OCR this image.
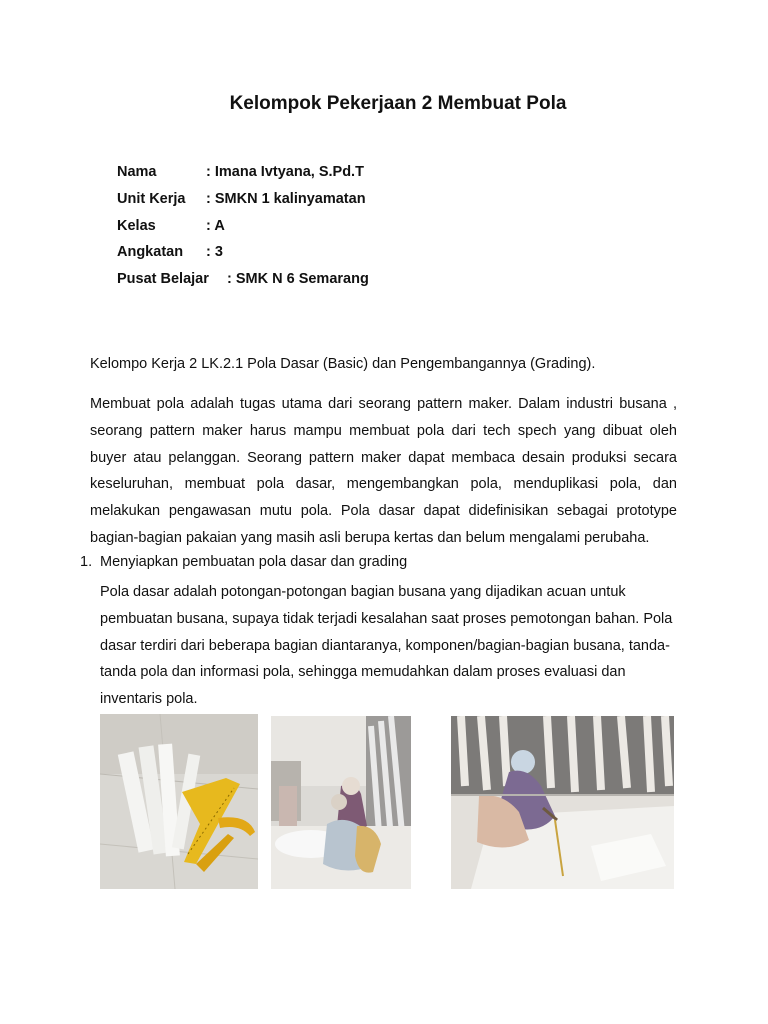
Kelompok Pekerjaan 2 Membuat Pola
Nama	: Imana Ivtyana, S.Pd.T
Unit Kerja	: SMKN 1 kalinyamatan
Kelas	: A
Angkatan	: 3
Pusat Belajar	: SMK N 6 Semarang

Kelompo Kerja 2 LK.2.1 Pola Dasar (Basic) dan Pengembangannya (Grading).

Membuat pola adalah tugas utama dari seorang pattern maker. Dalam industri busana , seorang pattern maker harus mampu membuat pola dari tech spech yang dibuat oleh buyer atau pelanggan. Seorang pattern maker dapat membaca desain produksi secara keseluruhan, membuat pola dasar, mengembangkan pola, menduplikasi pola, dan melakukan pengawasan mutu pola. Pola dasar dapat didefinisikan sebagai prototype bagian-bagian pakaian yang masih asli berupa kertas dan belum mengalami perubaha.

1. Menyiapkan pembuatan pola dasar dan grading

Pola dasar adalah potongan-potongan bagian busana yang dijadikan acuan untuk pembuatan busana, supaya tidak terjadi kesalahan saat proses pemotongan bahan. Pola dasar terdiri dari beberapa bagian diantaranya, komponen/bagian-bagian busana, tanda-tanda pola dan informasi pola, sehingga memudahkan dalam proses evaluasi dan inventaris pola.
